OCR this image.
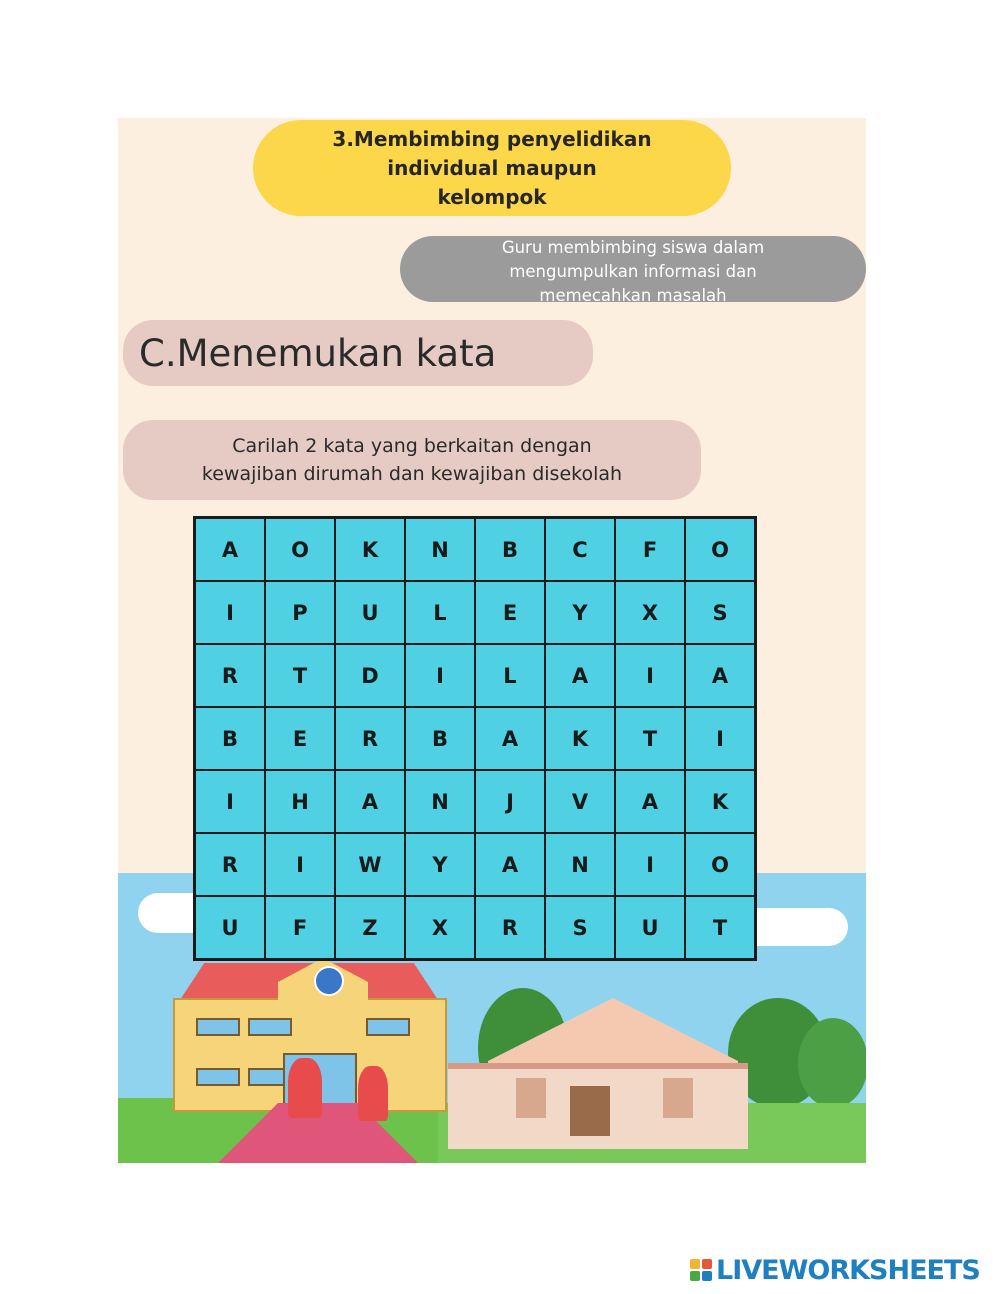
3.Membimbing penyelidikan
individual maupun
kelompok
Guru membimbing siswa dalam
mengumpulkan informasi dan
memecahkan masalah
C.Menemukan kata
Carilah 2 kata yang berkaitan dengan
kewajiban dirumah dan kewajiban disekolah
A	O	K	N	B	C	F	O
I	P	U	L	E	Y	X	S
R	T	D	I	L	A	I	A
B	E	R	B	A	K	T	I
I	H	A	N	J	V	A	K
R	I	W	Y	A	N	I	O
U	F	Z	X	R	S	U	T
LIVEWORKSHEETS
